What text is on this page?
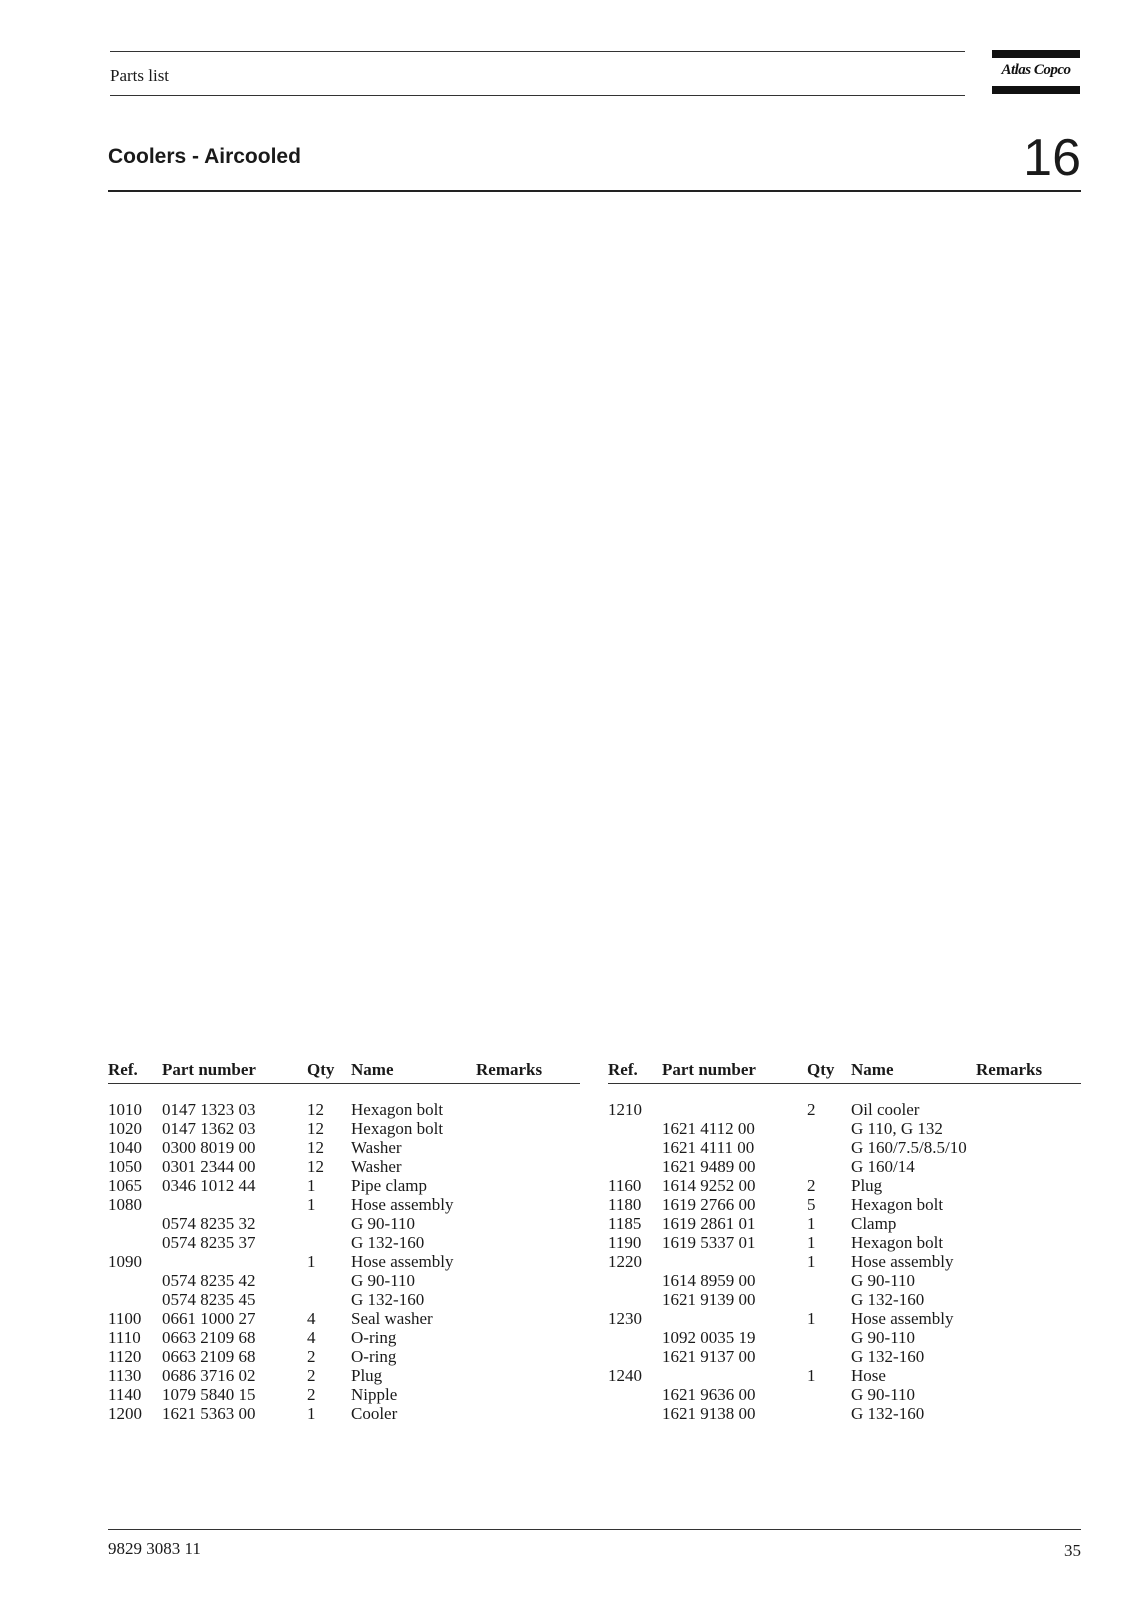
Parts list	Atlas Copco
Coolers - Aircooled	16
Ref.	Part number	Qty	Name	Remarks

1010	0147 1323 03	12	Hexagon bolt	
1020	0147 1362 03	12	Hexagon bolt	
1040	0300 8019 00	12	Washer	
1050	0301 2344 00	12	Washer	
1065	0346 1012 44	1	Pipe clamp	
1080		1	Hose assembly	
	0574 8235 32		G 90-110	
	0574 8235 37		G 132-160	
1090		1	Hose assembly	
	0574 8235 42		G 90-110	
	0574 8235 45		G 132-160	
1100	0661 1000 27	4	Seal washer	
1110	0663 2109 68	4	O-ring	
1120	0663 2109 68	2	O-ring	
1130	0686 3716 02	2	Plug	
1140	1079 5840 15	2	Nipple	
1200	1621 5363 00	1	Cooler	
Ref.	Part number	Qty	Name	Remarks

1210		2	Oil cooler	
	1621 4112 00		G 110, G 132	
	1621 4111 00		G 160/7.5/8.5/10	
	1621 9489 00		G 160/14	
1160	1614 9252 00	2	Plug	
1180	1619 2766 00	5	Hexagon bolt	
1185	1619 2861 01	1	Clamp	
1190	1619 5337 01	1	Hexagon bolt	
1220		1	Hose assembly	
	1614 8959 00		G 90-110	
	1621 9139 00		G 132-160	
1230		1	Hose assembly	
	1092 0035 19		G 90-110	
	1621 9137 00		G 132-160	
1240		1	Hose	
	1621 9636 00		G 90-110	
	1621 9138 00		G 132-160	
9829 3083 11	35
